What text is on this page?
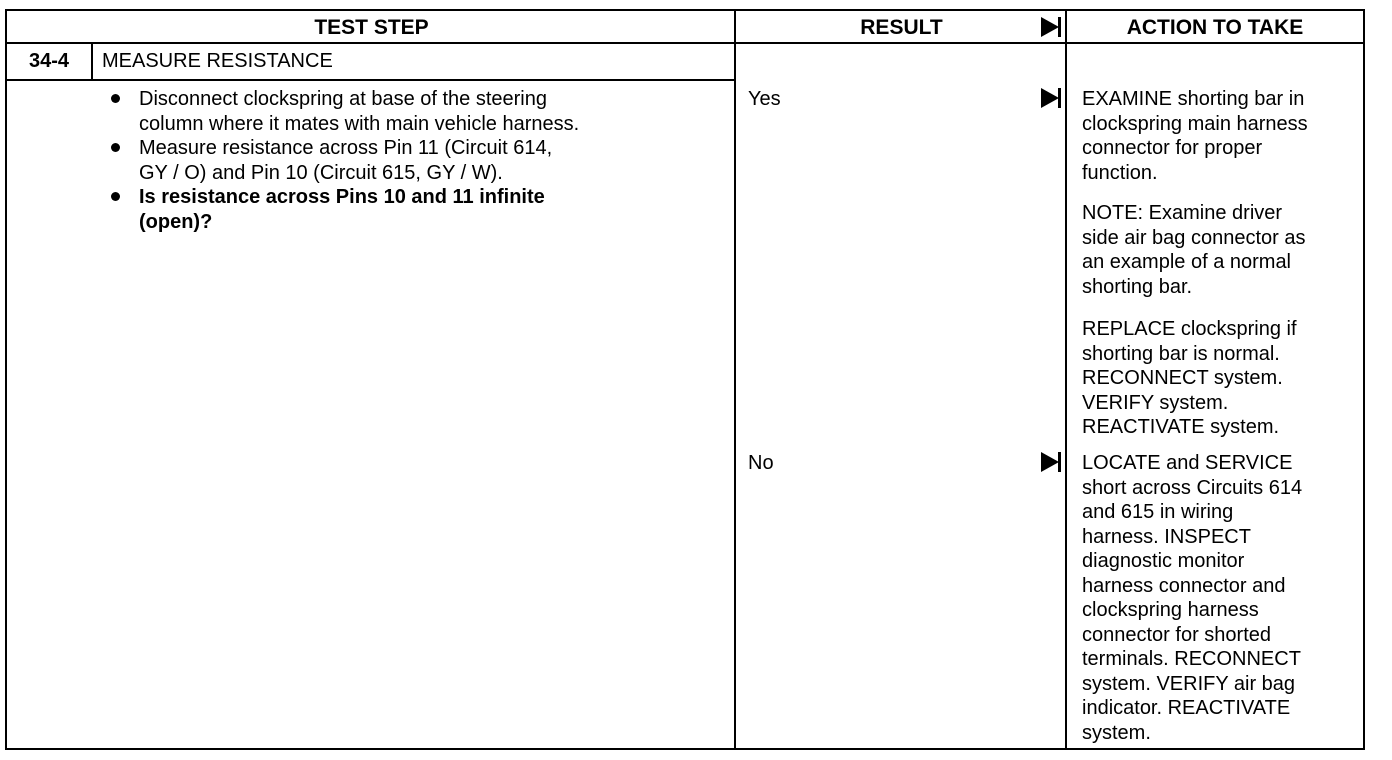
TEST STEP	RESULT	ACTION TO TAKE
34-4	MEASURE RESISTANCE
Disconnect clockspring at base of the steering
column where it mates with main vehicle harness.
Measure resistance across Pin 11 (Circuit 614,
GY / O) and Pin 10 (Circuit 615, GY / W).
Is resistance across Pins 10 and 11 infinite
(open)?
Yes	EXAMINE shorting bar in
clockspring main harness
connector for proper
function.
NOTE: Examine driver
side air bag connector as
an example of a normal
shorting bar.
REPLACE clockspring if
shorting bar is normal.
RECONNECT system.
VERIFY system.
REACTIVATE system.
No	LOCATE and SERVICE
short across Circuits 614
and 615 in wiring
harness. INSPECT
diagnostic monitor
harness connector and
clockspring harness
connector for shorted
terminals. RECONNECT
system. VERIFY air bag
indicator. REACTIVATE
system.
